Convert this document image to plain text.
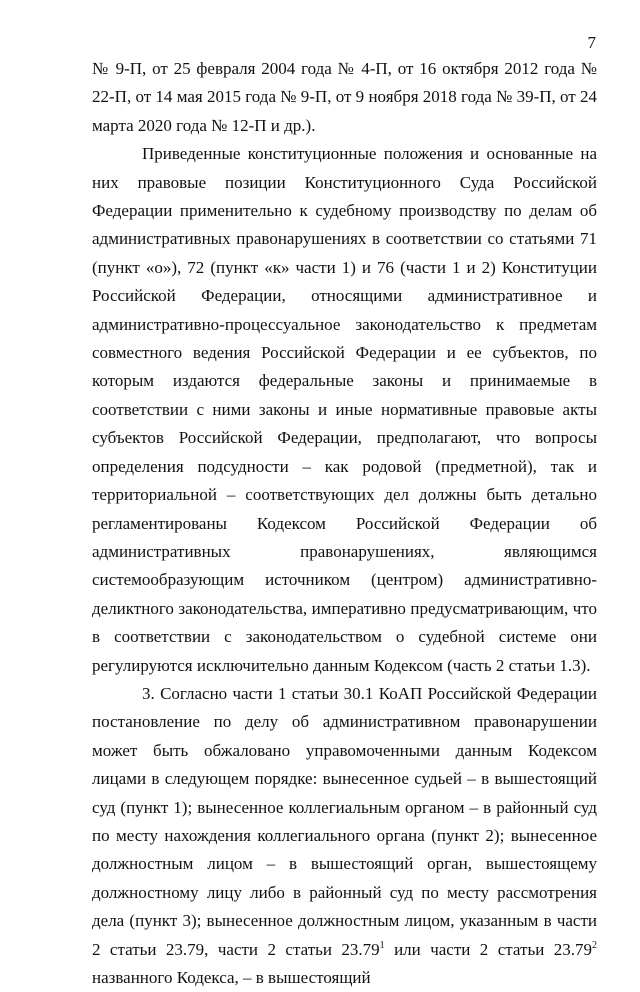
7

№ 9-П, от 25 февраля 2004 года № 4-П, от 16 октября 2012 года № 22-П, от 14 мая 2015 года № 9-П, от 9 ноября 2018 года № 39-П, от 24 марта 2020 года № 12-П и др.).

Приведенные конституционные положения и основанные на них правовые позиции Конституционного Суда Российской Федерации применительно к судебному производству по делам об административных правонарушениях в соответствии со статьями 71 (пункт «о»), 72 (пункт «к» части 1) и 76 (части 1 и 2) Конституции Российской Федерации, относящими административное и административно-процессуальное законодательство к предметам совместного ведения Российской Федерации и ее субъектов, по которым издаются федеральные законы и принимаемые в соответствии с ними законы и иные нормативные правовые акты субъектов Российской Федерации, предполагают, что вопросы определения подсудности – как родовой (предметной), так и территориальной – соответствующих дел должны быть детально регламентированы Кодексом Российской Федерации об административных правонарушениях, являющимся системообразующим источником (центром) административно-деликтного законодательства, императивно предусматривающим, что в соответствии с законодательством о судебной системе они регулируются исключительно данным Кодексом (часть 2 статьи 1.3).

3. Согласно части 1 статьи 30.1 КоАП Российской Федерации постановление по делу об административном правонарушении может быть обжаловано управомоченными данным Кодексом лицами в следующем порядке: вынесенное судьей – в вышестоящий суд (пункт 1); вынесенное коллегиальным органом – в районный суд по месту нахождения коллегиального органа (пункт 2); вынесенное должностным лицом – в вышестоящий орган, вышестоящему должностному лицу либо в районный суд по месту рассмотрения дела (пункт 3); вынесенное должностным лицом, указанным в части 2 статьи 23.79, части 2 статьи 23.79$^1$ или части 2 статьи 23.79$^2$ названного Кодекса, – в вышестоящий
